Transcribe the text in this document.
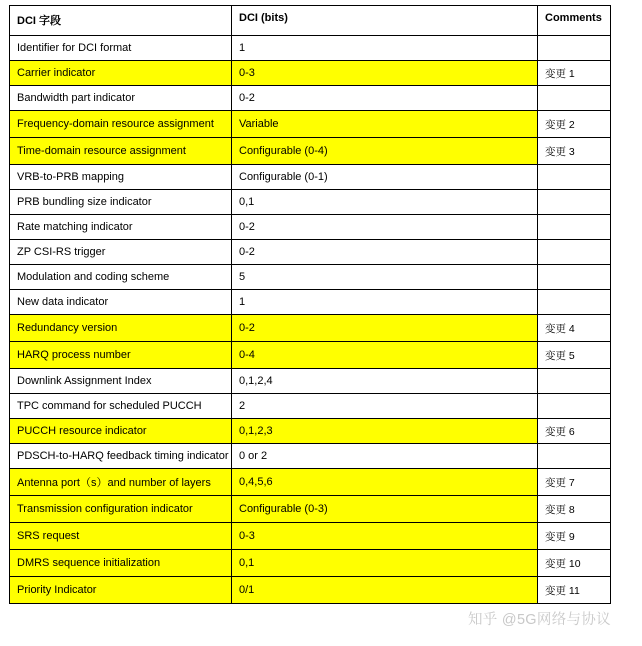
DCI 字段	DCI (bits)	Comments
Identifier for DCI format	1	
Carrier indicator	0-3	变更 1
Bandwidth part indicator	0-2	
Frequency-domain resource assignment	Variable	变更 2
Time-domain resource assignment	Configurable (0-4)	变更 3
VRB-to-PRB mapping	Configurable (0-1)	
PRB bundling size indicator	0,1	
Rate matching indicator	0-2	
ZP CSI-RS trigger	0-2	
Modulation and coding scheme	5	
New data indicator	1	
Redundancy version	0-2	变更 4
HARQ process number	0-4	变更 5
Downlink Assignment Index	0,1,2,4	
TPC command for scheduled PUCCH	2	
PUCCH resource indicator	0,1,2,3	变更 6
PDSCH-to-HARQ feedback timing indicator	0 or 2	
Antenna port（s）and number of layers	0,4,5,6	变更 7
Transmission configuration indicator	Configurable (0-3)	变更 8
SRS request	0-3	变更 9
DMRS sequence initialization	0,1	变更 10
Priority Indicator	0/1	变更 11
知乎 @5G网络与协议
